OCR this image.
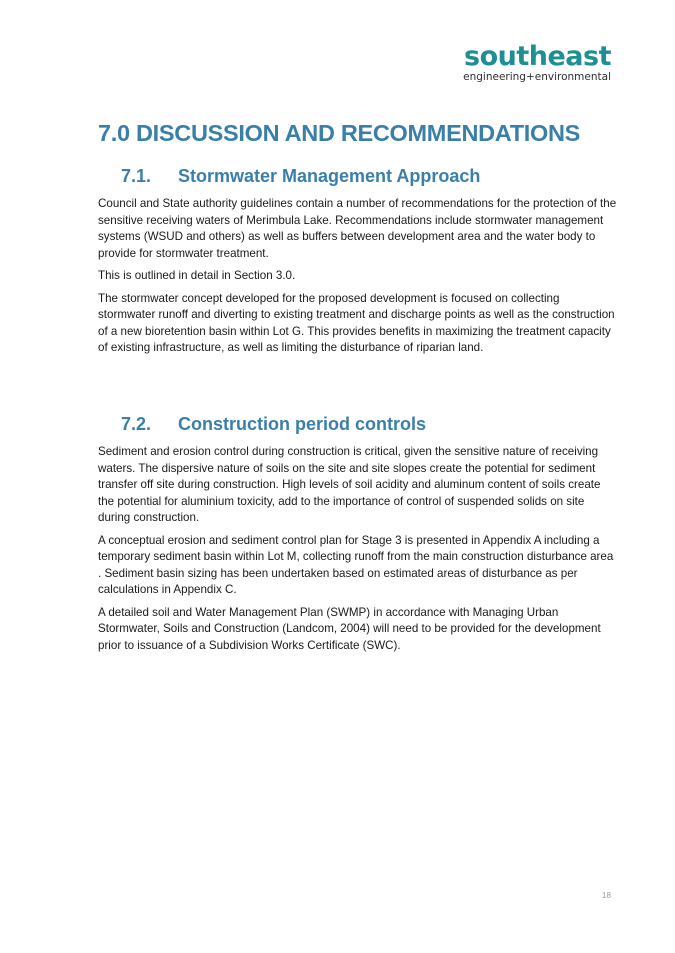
southeast
engineering+environmental
7.0 DISCUSSION AND RECOMMENDATIONS
7.1. Stormwater Management Approach

Council and State authority guidelines contain a number of recommendations for the protection of the sensitive receiving waters of Merimbula Lake. Recommendations include stormwater management systems (WSUD and others) as well as buffers between development area and the water body to provide for stormwater treatment.

This is outlined in detail in Section 3.0.

The stormwater concept developed for the proposed development is focused on collecting stormwater runoff and diverting to existing treatment and discharge points as well as the construction of a new bioretention basin within Lot G. This provides benefits in maximizing the treatment capacity of existing infrastructure, as well as limiting the disturbance of riparian land.

7.2. Construction period controls

Sediment and erosion control during construction is critical, given the sensitive nature of receiving waters. The dispersive nature of soils on the site and site slopes create the potential for sediment transfer off site during construction. High levels of soil acidity and aluminum content of soils create the potential for aluminium toxicity, add to the importance of control of suspended solids on site during construction.

A conceptual erosion and sediment control plan for Stage 3 is presented in Appendix A including a temporary sediment basin within Lot M, collecting runoff from the main construction disturbance area . Sediment basin sizing has been undertaken based on estimated areas of disturbance as per calculations in Appendix C.

A detailed soil and Water Management Plan (SWMP) in accordance with Managing Urban Stormwater, Soils and Construction (Landcom, 2004) will need to be provided for the development prior to issuance of a Subdivision Works Certificate (SWC).

18
